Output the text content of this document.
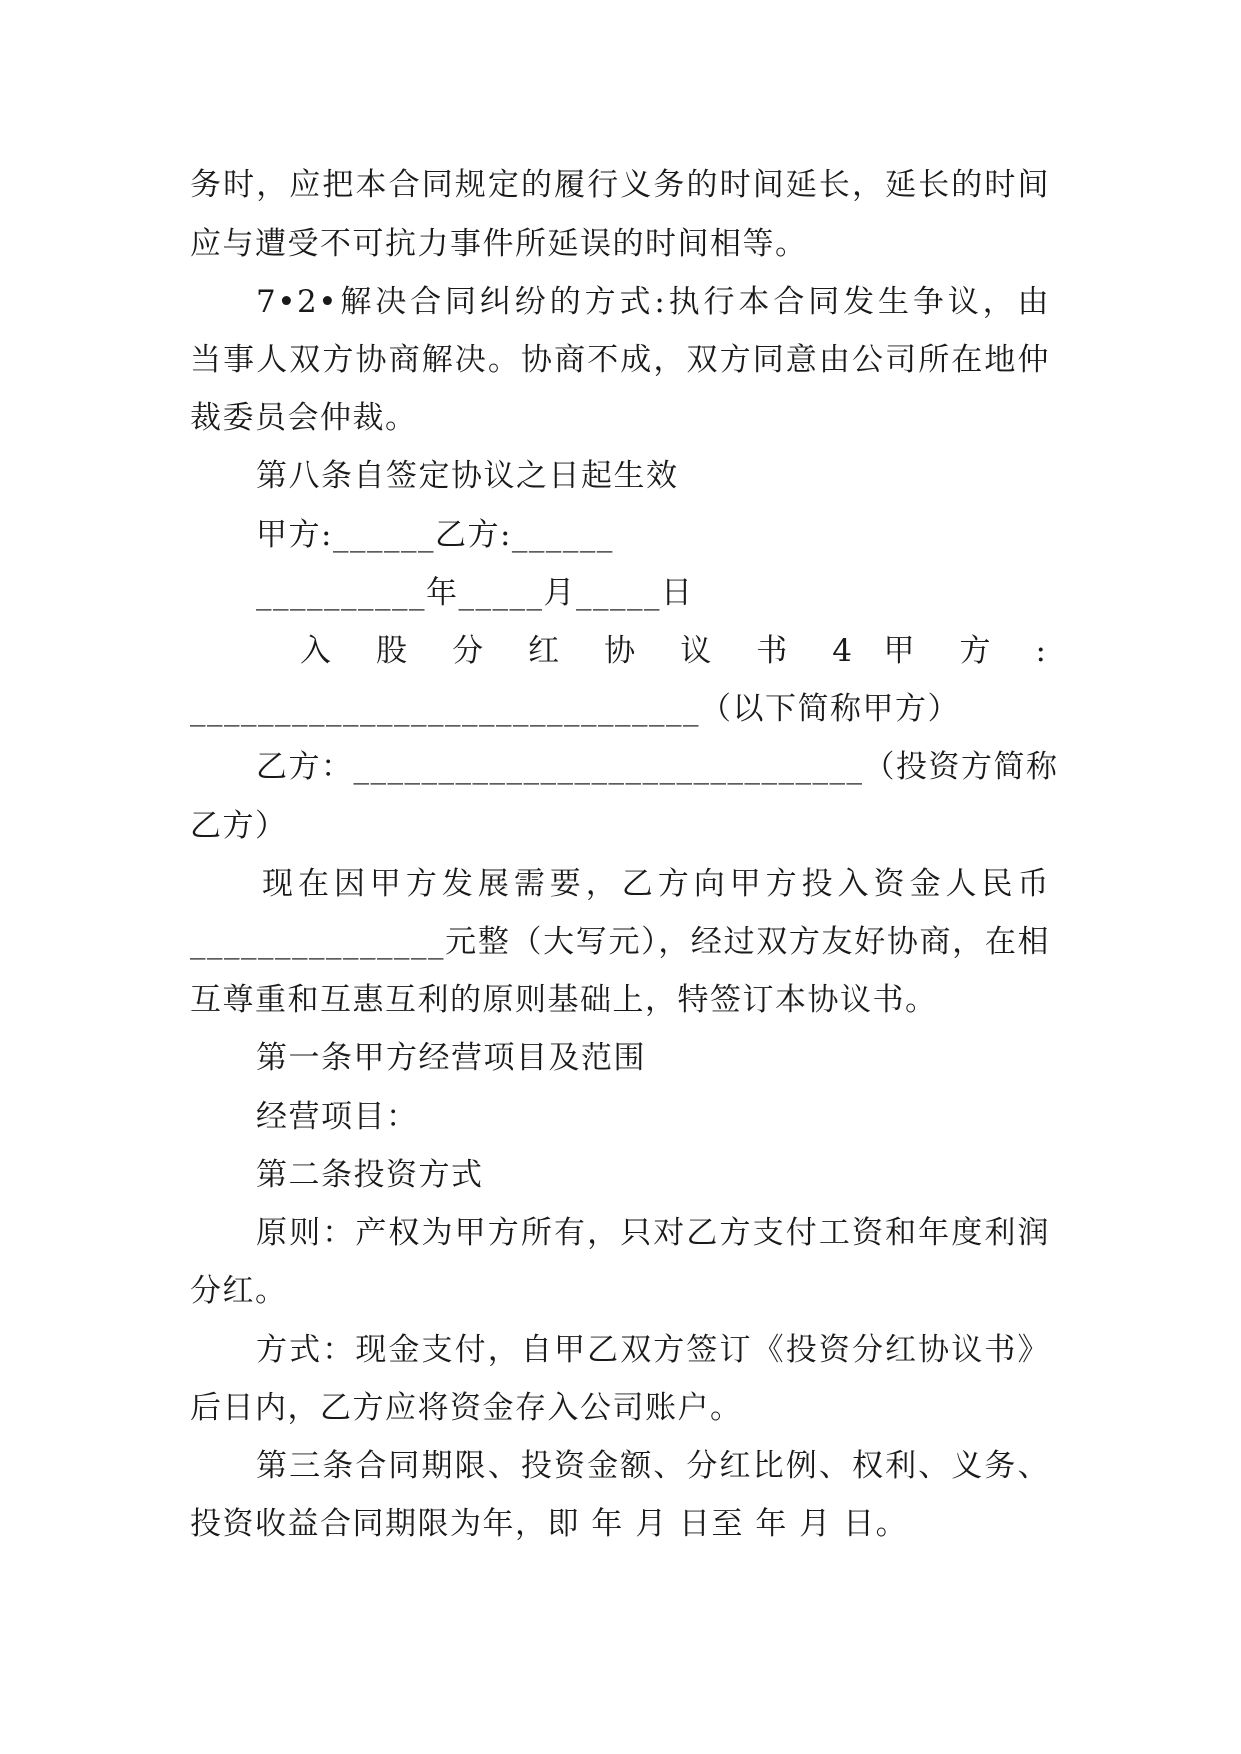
务时，应把本合同规定的履行义务的时间延长，延长的时间
应与遭受不可抗力事件所延误的时间相等。
7•2•解决合同纠纷的方式:执行本合同发生争议，由
当事人双方协商解决。协商不成，双方同意由公司所在地仲
裁委员会仲裁。
第八条自签定协议之日起生效
甲方:______乙方:______
__________年_____月_____日
入 股 分 红 协 议 书 4 甲 方 :
______________________________（以下简称甲方）
乙方：______________________________（投资方简称
乙方）
现在因甲方发展需要，乙方向甲方投入资金人民币
_______________元整（大写元），经过双方友好协商，在相
互尊重和互惠互利的原则基础上，特签订本协议书。
第一条甲方经营项目及范围
经营项目：
第二条投资方式
原则：产权为甲方所有，只对乙方支付工资和年度利润
分红。
方式：现金支付，自甲乙双方签订《投资分红协议书》
后日内，乙方应将资金存入公司账户。
第三条合同期限、投资金额、分红比例、权利、义务、
投资收益合同期限为年，即 年 月 日至 年 月 日。
